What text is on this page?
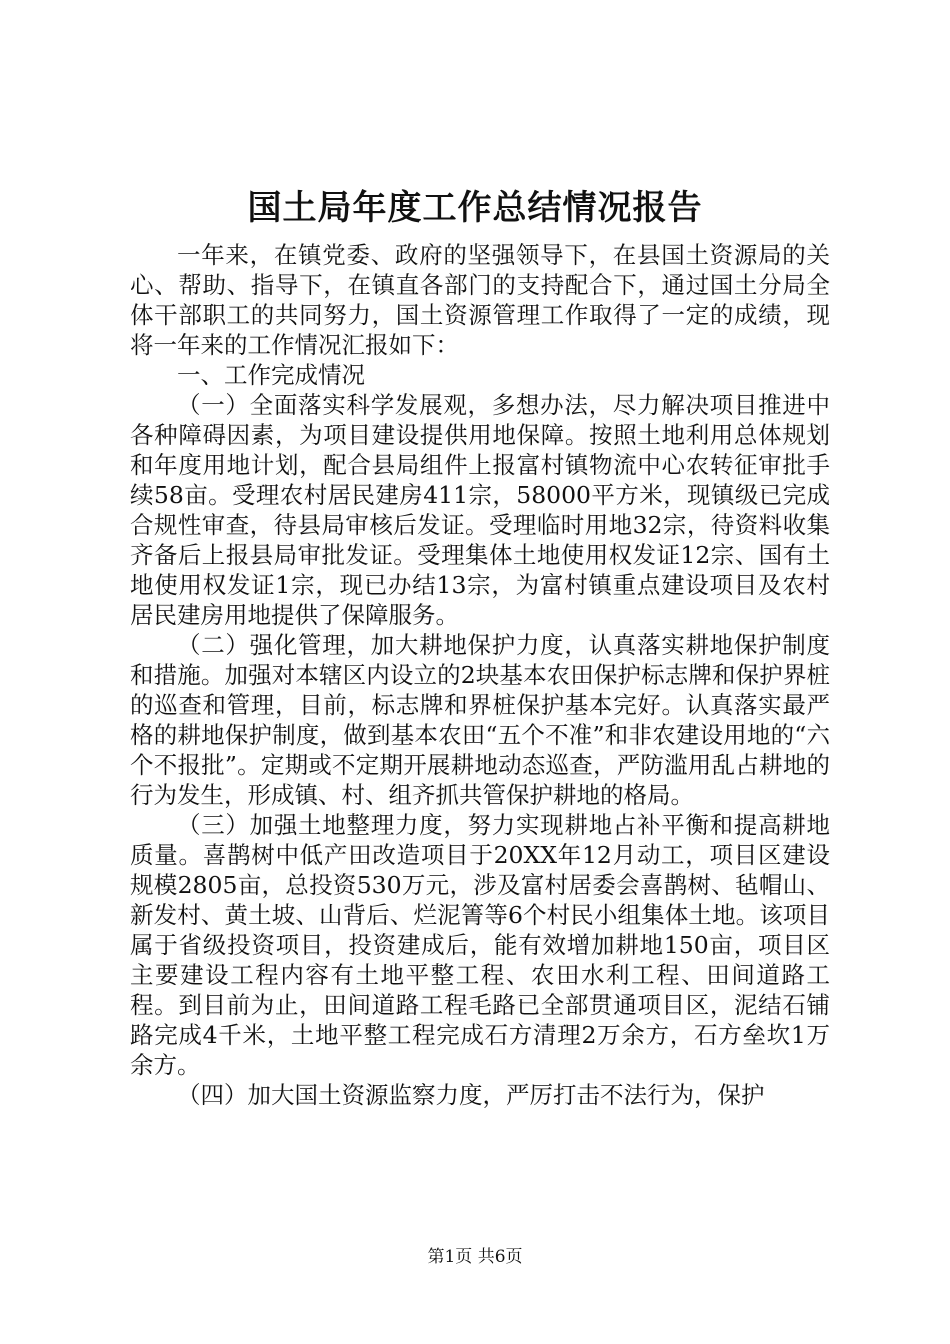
国土局年度工作总结情况报告

一年来，在镇党委、政府的坚强领导下，在县国土资源局的关心、帮助、指导下，在镇直各部门的支持配合下，通过国土分局全体干部职工的共同努力，国土资源管理工作取得了一定的成绩，现将一年来的工作情况汇报如下：

一、工作完成情况

（一）全面落实科学发展观，多想办法，尽力解决项目推进中各种障碍因素，为项目建设提供用地保障。按照土地利用总体规划和年度用地计划，配合县局组件上报富村镇物流中心农转征审批手续58亩。受理农村居民建房411宗，58000平方米，现镇级已完成合规性审查，待县局审核后发证。受理临时用地32宗，待资料收集齐备后上报县局审批发证。受理集体土地使用权发证12宗、国有土地使用权发证1宗，现已办结13宗，为富村镇重点建设项目及农村居民建房用地提供了保障服务。

（二）强化管理，加大耕地保护力度，认真落实耕地保护制度和措施。加强对本辖区内设立的2块基本农田保护标志牌和保护界桩的巡查和管理，目前，标志牌和界桩保护基本完好。认真落实最严格的耕地保护制度，做到基本农田“五个不准”和非农建设用地的“六个不报批”。定期或不定期开展耕地动态巡查，严防滥用乱占耕地的行为发生，形成镇、村、组齐抓共管保护耕地的格局。

（三）加强土地整理力度，努力实现耕地占补平衡和提高耕地质量。喜鹊树中低产田改造项目于20XX年12月动工，项目区建设规模2805亩，总投资530万元，涉及富村居委会喜鹊树、毡帽山、新发村、黄土坡、山背后、烂泥箐等6个村民小组集体土地。该项目属于省级投资项目，投资建成后，能有效增加耕地150亩，项目区主要建设工程内容有土地平整工程、农田水利工程、田间道路工程。到目前为止，田间道路工程毛路已全部贯通项目区，泥结石铺路完成4千米，土地平整工程完成石方清理2万余方，石方垒坎1万余方。

（四）加大国土资源监察力度，严厉打击不法行为，保护

第1页 共6页
